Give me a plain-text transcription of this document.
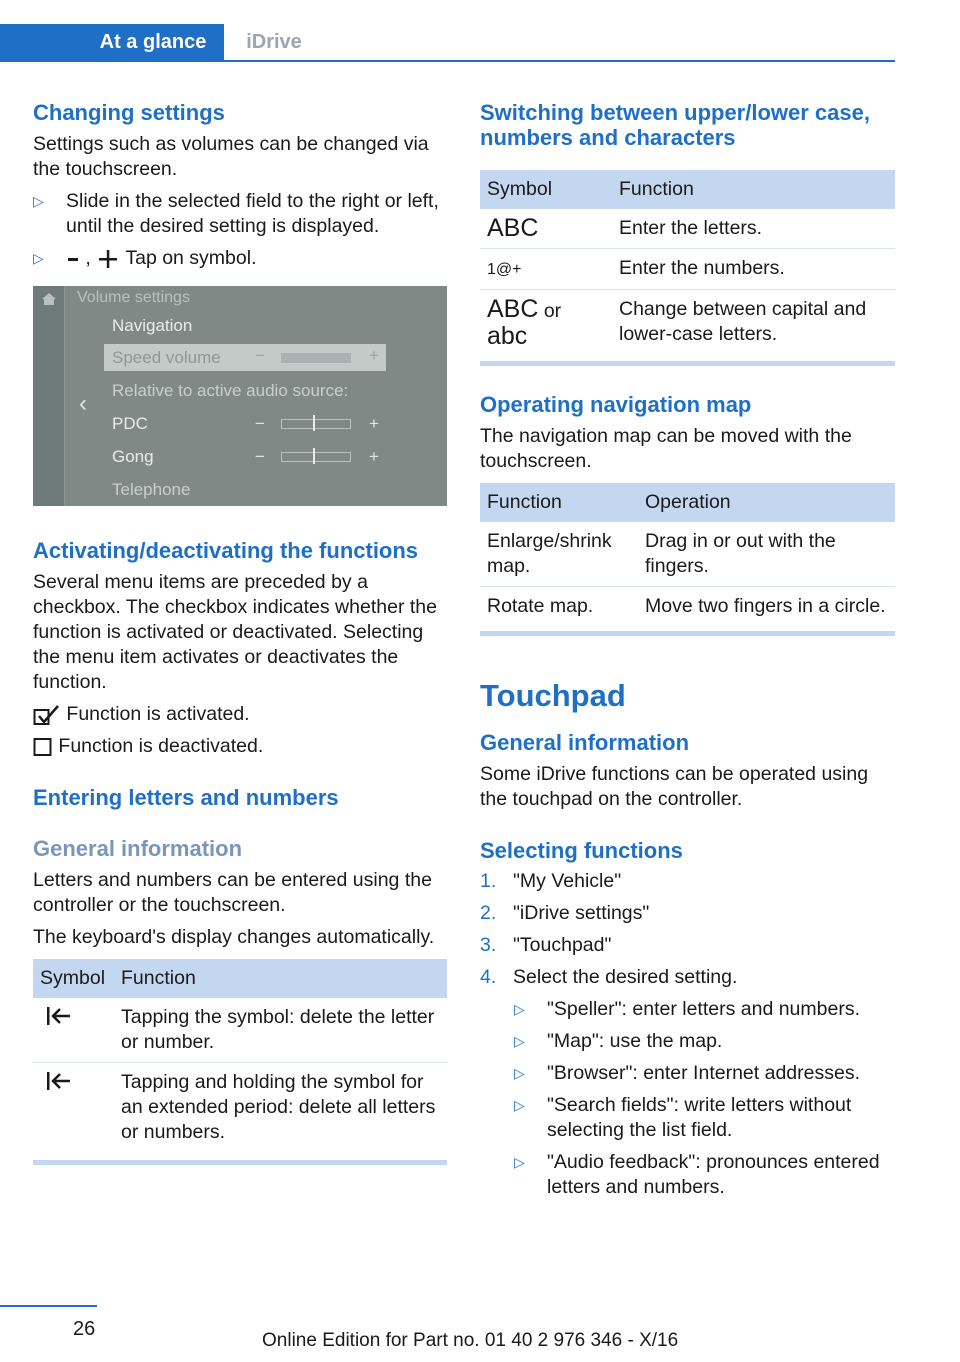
At a glance	iDrive
Changing settings

Settings such as volumes can be changed via the touchscreen.

▷ Slide in the selected field to the right or left, until the desired setting is displayed.
▷ , Tap on symbol.
Volume settings
Navigation
Speed volume −	+
Relative to active audio source:
‹
PDC	−	+
Gong	−	+
Telephone
Activating/deactivating the functions

Several menu items are preceded by a checkbox. The checkbox indicates whether the function is activated or deactivated. Selecting the menu item activates or deactivates the function.

Function is activated.

Function is deactivated.

Entering letters and numbers
General information

Letters and numbers can be entered using the controller or the touchscreen.

The keyboard's display changes automatically.

Symbol	Function
	Tapping the symbol: delete the letter or number.
	Tapping and holding the symbol for an extended period: delete all letters or numbers.
Switching between upper/lower case, numbers and characters
Symbol	Function
ABC	Enter the letters.
1@+	Enter the numbers.
ABC or
abc	Change between capital and lower-case letters.
Operating navigation map

The navigation map can be moved with the touchscreen.

Function	Operation
Enlarge/shrink map.	Drag in or out with the fingers.
Rotate map.	Move two fingers in a circle.
Touchpad
General information

Some iDrive functions can be operated using the touchpad on the controller.

Selecting functions
1. "My Vehicle"
2. "iDrive settings"
3. "Touchpad"
4. Select the desired setting.
▷ "Speller": enter letters and numbers.
▷ "Map": use the map.
▷ "Browser": enter Internet addresses.
▷ "Search fields": write letters without selecting the list field.
▷ "Audio feedback": pronounces entered letters and numbers.
26
Online Edition for Part no. 01 40 2 976 346 - X/16
